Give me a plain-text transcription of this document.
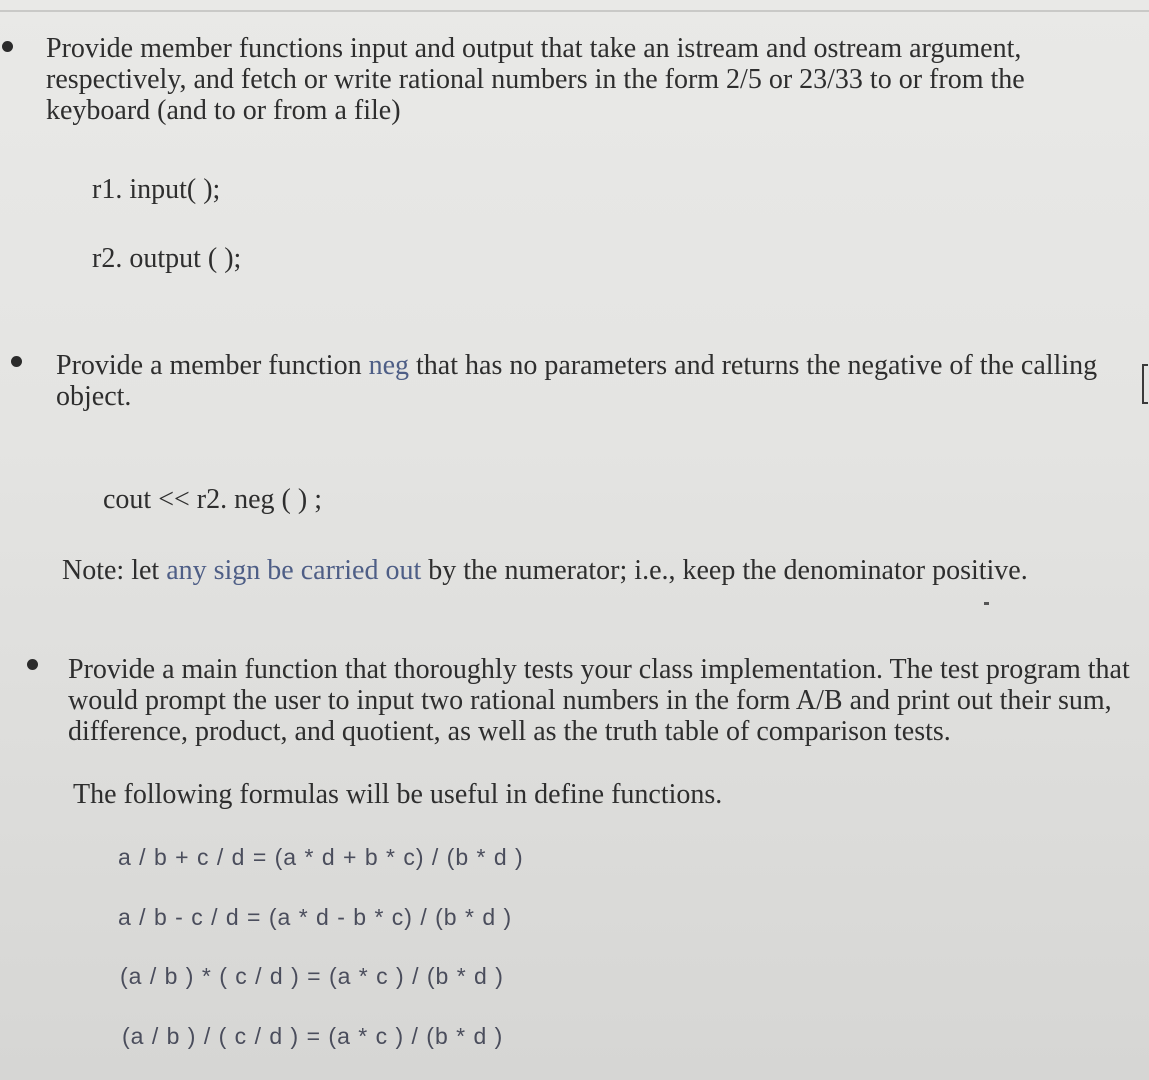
Provide member functions input and output that take an istream and ostream argument, respectively, and fetch or write rational numbers in the form 2/5 or 23/33 to or from the keyboard (and to or from a file)

r1. input( );

r2. output ( );

Provide a member function neg that has no parameters and returns the negative of the calling object.

cout << r2. neg ( ) ;

Note: let any sign be carried out by the numerator; i.e., keep the denominator positive.

Provide a main function that thoroughly tests your class implementation. The test program that would prompt the user to input two rational numbers in the form A/B and print out their sum, difference, product, and quotient, as well as the truth table of comparison tests.

The following formulas will be useful in define functions.

a / b + c / d = (a * d + b * c) / (b * d )
a / b - c / d = (a * d - b * c) / (b * d )
(a / b ) * ( c / d ) = (a * c ) / (b * d )
(a / b ) / ( c / d ) = (a * c ) / (b * d )
